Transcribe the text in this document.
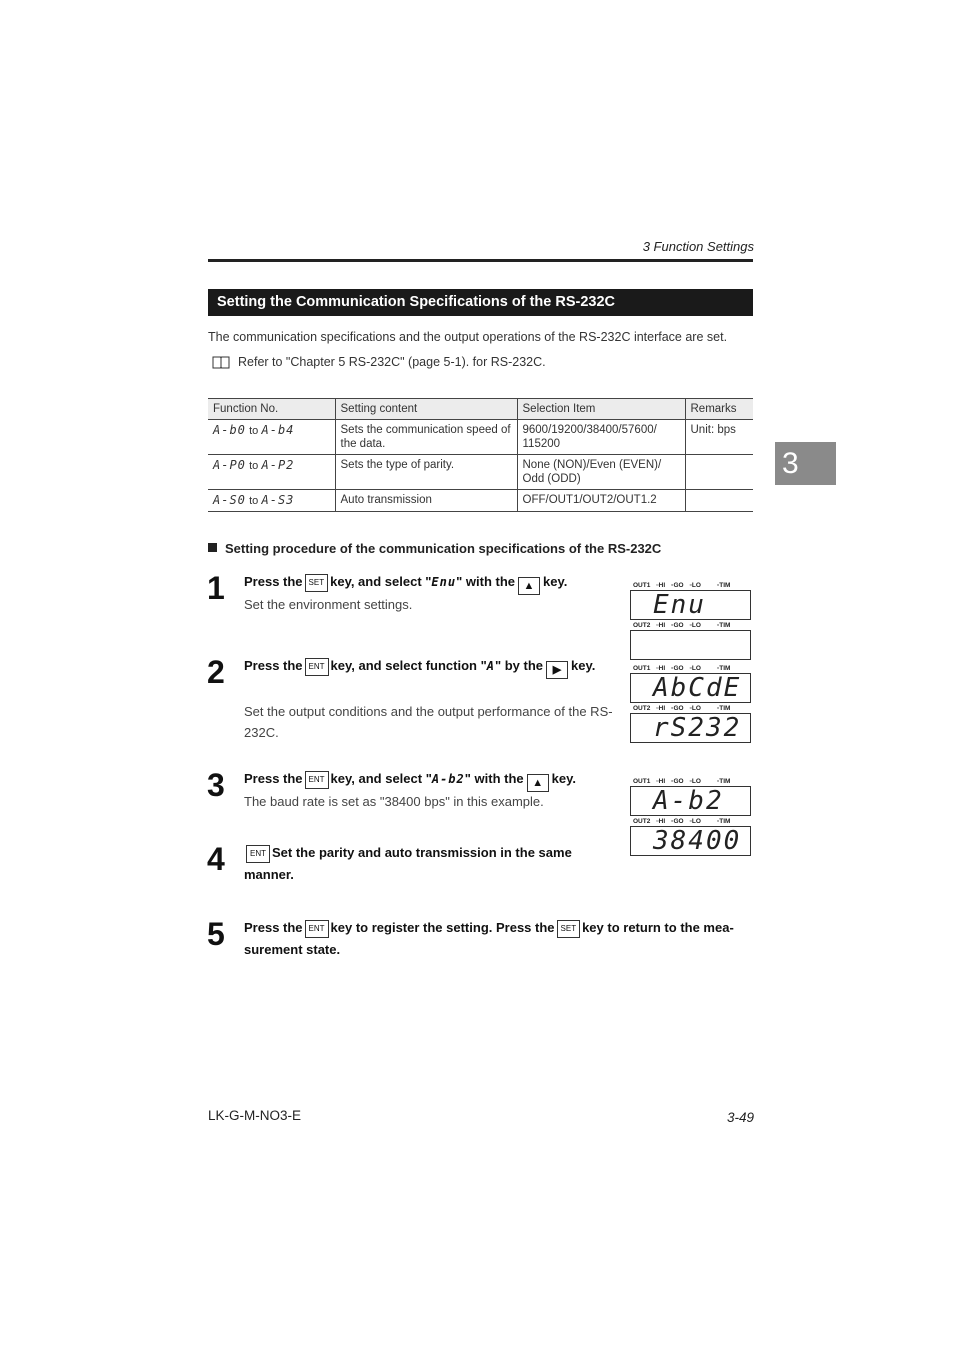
3 Function Settings
Setting the Communication Specifications of the RS-232C
The communication specifications and the output operations of the RS-232C interface are set.
Refer to "Chapter 5 RS-232C" (page 5-1). for RS-232C.
Function No.	Setting content	Selection Item	Remarks
A-b0 to A-b4	Sets the communication speed of the data.	9600/19200/38400/57600/ 115200	Unit: bps
A-P0 to A-P2	Sets the type of parity.	None (NON)/Even (EVEN)/ Odd (ODD)	
A-S0 to A-S3	Auto transmission	OFF/OUT1/OUT2/OUT1.2	
3
Setting procedure of the communication specifications of the RS-232C
1 Press the SET key, and select "Enu" with the ▲ key.
Set the environment settings.
2 Press the ENT key, and select function "A" by the ▶ key.
Set the output conditions and the output performance of the RS-232C.
3 Press the ENT key, and select "A-b2" with the ▲ key.
The baud rate is set as "38400 bps" in this example.
4	ENT Set the parity and auto transmission in the same manner.
5 Press the ENT key to register the setting. Press the SET key to return to the mea-surement state.
OUT1 ▫HI ▫GO ▫LO ▫TIM
Enu
OUT2 ▫HI ▫GO ▫LO ▫TIM
OUT1 ▫HI ▫GO ▫LO ▫TIM
AbCdE
OUT2 ▫HI ▫GO ▫LO ▫TIM
rS232
OUT1 ▫HI ▫GO ▫LO ▫TIM
A-b2
OUT2 ▫HI ▫GO ▫LO ▫TIM
38400
LK-G-M-NO3-E	3-49
